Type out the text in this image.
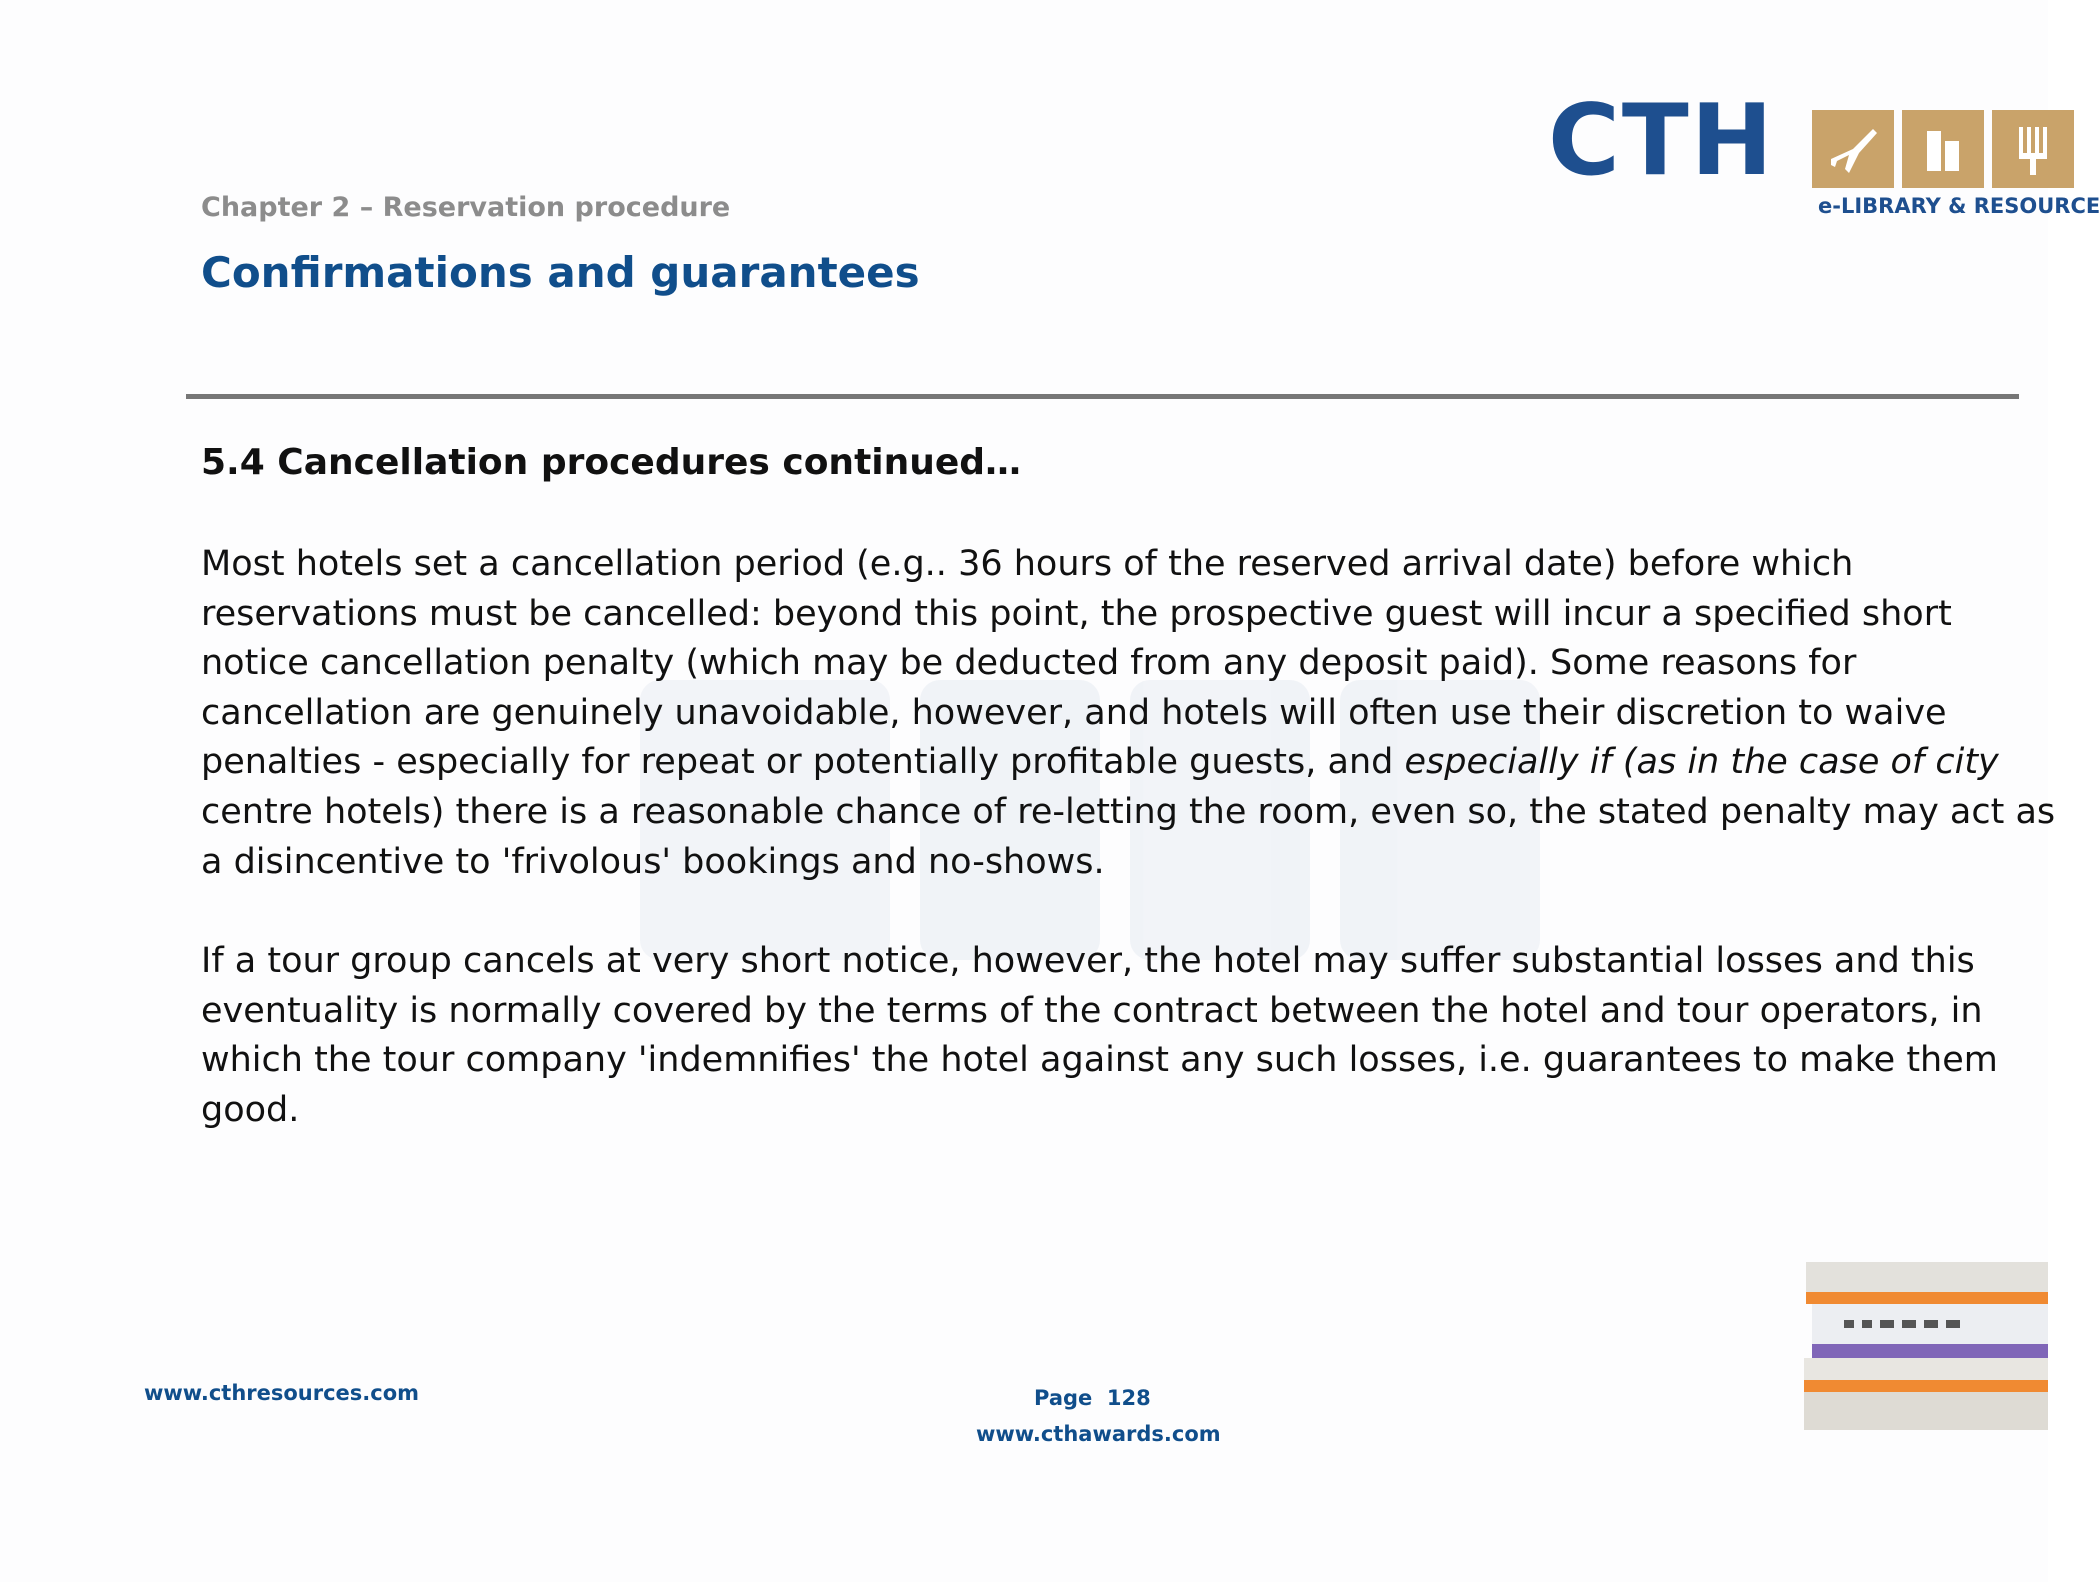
CTH
e-LIBRARY & RESOURCE
Chapter 2 – Reservation procedure
Confirmations and guarantees
5.4 Cancellation procedures continued…
Most hotels set a cancellation period (e.g.. 36 hours of the reserved arrival date) before which
reservations must be cancelled: beyond this point, the prospective guest will incur a specified short
notice cancellation penalty (which may be deducted from any deposit paid). Some reasons for
cancellation are genuinely unavoidable, however, and hotels will often use their discretion to waive
penalties - especially for repeat or potentially profitable guests, and especially if (as in the case of city
centre hotels) there is a reasonable chance of re-letting the room, even so, the stated penalty may act as
a disincentive to 'frivolous' bookings and no-shows.
If a tour group cancels at very short notice, however, the hotel may suffer substantial losses and this
eventuality is normally covered by the terms of the contract between the hotel and tour operators, in
which the tour company 'indemnifies' the hotel against any such losses, i.e. guarantees to make them
good.
www.cthresources.com	Page 128
www.cthawards.com
